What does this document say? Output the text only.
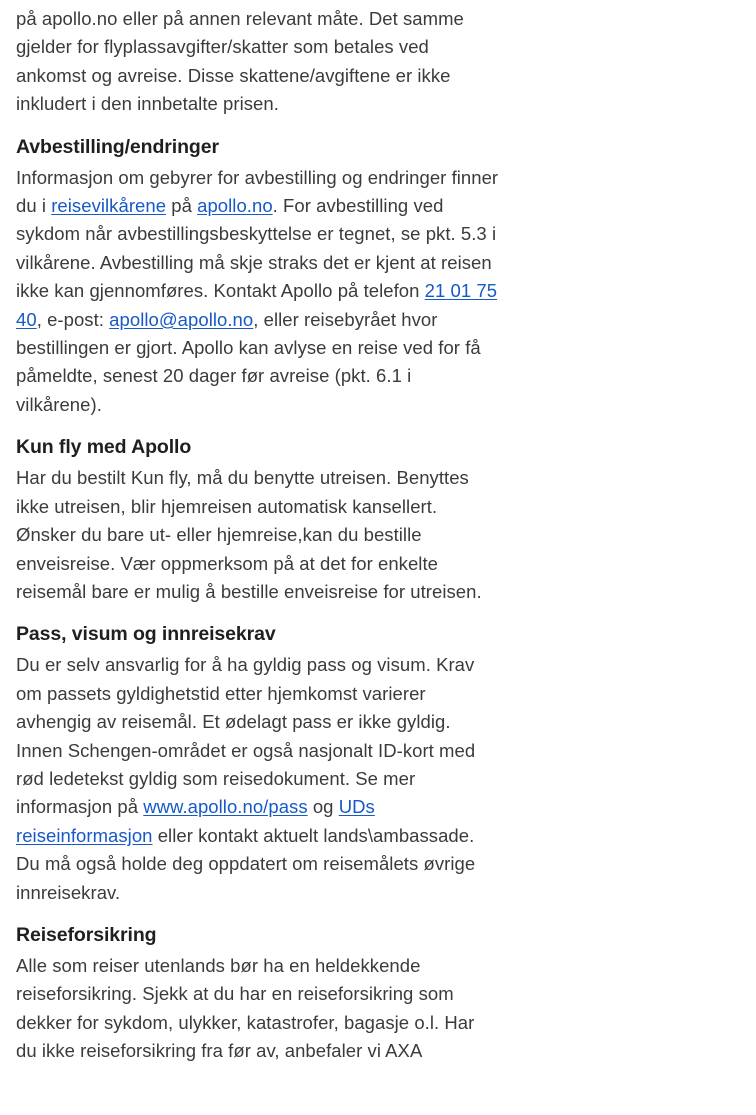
på apollo.no eller på annen relevant måte. Det samme gjelder for flyplassavgifter/skatter som betales ved ankomst og avreise. Disse skattene/avgiftene er ikke inkludert i den innbetalte prisen.

Avbestilling/endringer

Informasjon om gebyrer for avbestilling og endringer finner du i reisevilkårene på apollo.no. For avbestilling ved sykdom når avbestillingsbeskyttelse er tegnet, se pkt. 5.3 i vilkårene. Avbestilling må skje straks det er kjent at reisen ikke kan gjennomføres. Kontakt Apollo på telefon 21 01 75 40, e-post: apollo@apollo.no, eller reisebyrået hvor bestillingen er gjort. Apollo kan avlyse en reise ved for få påmeldte, senest 20 dager før avreise (pkt. 6.1 i vilkårene).

Kun fly med Apollo

Har du bestilt Kun fly, må du benytte utreisen. Benyttes ikke utreisen, blir hjemreisen automatisk kansellert. Ønsker du bare ut- eller hjemreise,kan du bestille enveisreise. Vær oppmerksom på at det for enkelte reisemål bare er mulig å bestille enveisreise for utreisen.

Pass, visum og innreisekrav

Du er selv ansvarlig for å ha gyldig pass og visum. Krav om passets gyldighetstid etter hjemkomst varierer avhengig av reisemål. Et ødelagt pass er ikke gyldig. Innen Schengen-området er også nasjonalt ID-kort med rød ledetekst gyldig som reisedokument. Se mer informasjon på www.apollo.no/pass og UDs reiseinformasjon eller kontakt aktuelt lands\ambassade. Du må også holde deg oppdatert om reisemålets øvrige innreisekrav.

Reiseforsikring

Alle som reiser utenlands bør ha en heldekkende reiseforsikring. Sjekk at du har en reiseforsikring som dekker for sykdom, ulykker, katastrofer, bagasje o.l. Har du ikke reiseforsikring fra før av, anbefaler vi AXA
